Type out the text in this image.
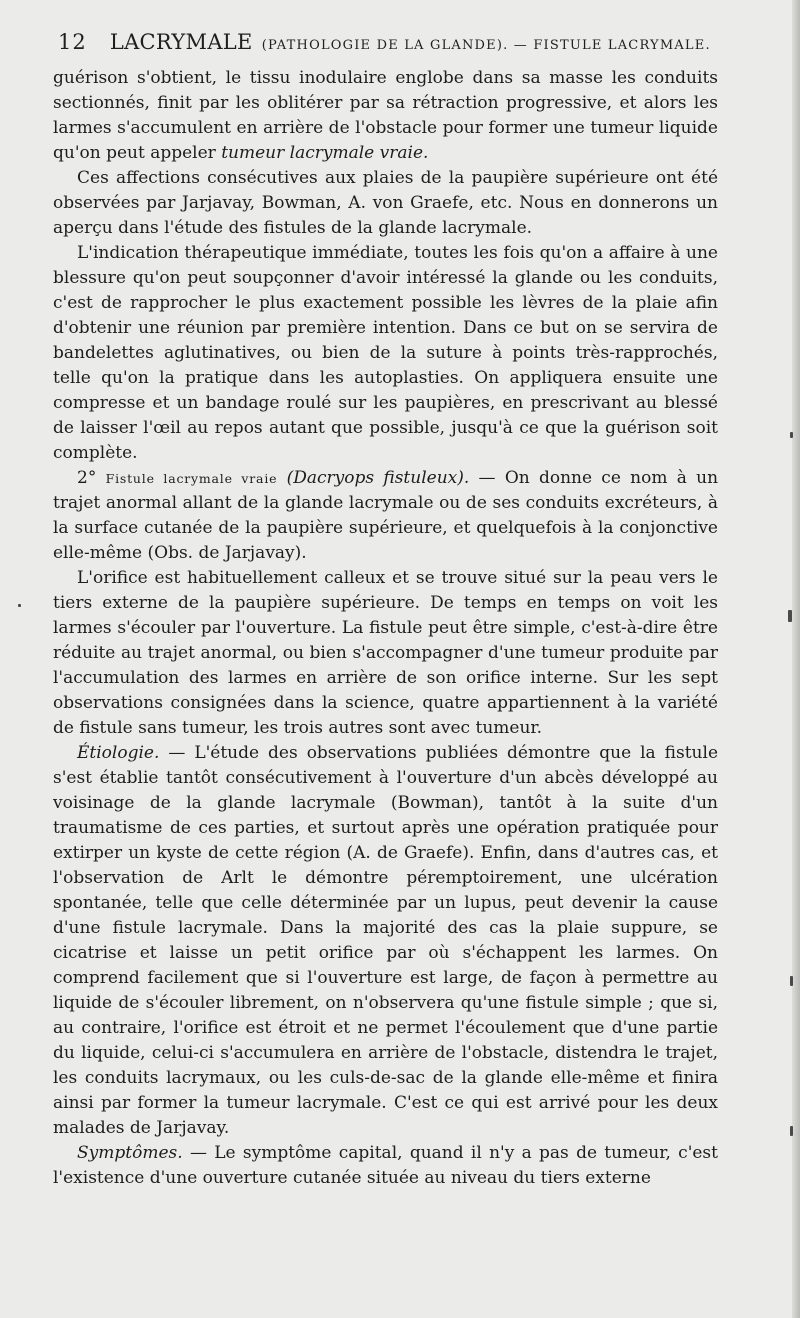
12 LACRYMALE (PATHOLOGIE DE LA GLANDE). — FISTULE LACRYMALE.

guérison s'obtient, le tissu inodulaire englobe dans sa masse les conduits sectionnés, finit par les oblitérer par sa rétraction progressive, et alors les larmes s'accumulent en arrière de l'obstacle pour former une tumeur liquide qu'on peut appeler tumeur lacrymale vraie.

Ces affections consécutives aux plaies de la paupière supérieure ont été observées par Jarjavay, Bowman, A. von Graefe, etc. Nous en donnerons un aperçu dans l'étude des fistules de la glande lacrymale.

L'indication thérapeutique immédiate, toutes les fois qu'on a affaire à une blessure qu'on peut soupçonner d'avoir intéressé la glande ou les conduits, c'est de rapprocher le plus exactement possible les lèvres de la plaie afin d'obtenir une réunion par première intention. Dans ce but on se servira de bandelettes aglutinatives, ou bien de la suture à points très-rapprochés, telle qu'on la pratique dans les autoplasties. On appliquera ensuite une compresse et un bandage roulé sur les paupières, en prescrivant au blessé de laisser l'œil au repos autant que possible, jusqu'à ce que la guérison soit complète.

2° Fistule lacrymale vraie (Dacryops fistuleux). — On donne ce nom à un trajet anormal allant de la glande lacrymale ou de ses conduits excréteurs, à la surface cutanée de la paupière supérieure, et quelquefois à la conjonctive elle-même (Obs. de Jarjavay).

L'orifice est habituellement calleux et se trouve situé sur la peau vers le tiers externe de la paupière supérieure. De temps en temps on voit les larmes s'écouler par l'ouverture. La fistule peut être simple, c'est-à-dire être réduite au trajet anormal, ou bien s'accompagner d'une tumeur produite par l'accumulation des larmes en arrière de son orifice interne. Sur les sept observations consignées dans la science, quatre appartiennent à la variété de fistule sans tumeur, les trois autres sont avec tumeur.

Étiologie. — L'étude des observations publiées démontre que la fistule s'est établie tantôt consécutivement à l'ouverture d'un abcès développé au voisinage de la glande lacrymale (Bowman), tantôt à la suite d'un traumatisme de ces parties, et surtout après une opération pratiquée pour extirper un kyste de cette région (A. de Graefe). Enfin, dans d'autres cas, et l'observation de Arlt le démontre péremptoirement, une ulcération spontanée, telle que celle déterminée par un lupus, peut devenir la cause d'une fistule lacrymale. Dans la majorité des cas la plaie suppure, se cicatrise et laisse un petit orifice par où s'échappent les larmes. On comprend facilement que si l'ouverture est large, de façon à permettre au liquide de s'écouler librement, on n'observera qu'une fistule simple ; que si, au contraire, l'orifice est étroit et ne permet l'écoulement que d'une partie du liquide, celui-ci s'accumulera en arrière de l'obstacle, distendra le trajet, les conduits lacrymaux, ou les culs-de-sac de la glande elle-même et finira ainsi par former la tumeur lacrymale. C'est ce qui est arrivé pour les deux malades de Jarjavay.

Symptômes. — Le symptôme capital, quand il n'y a pas de tumeur, c'est l'existence d'une ouverture cutanée située au niveau du tiers externe
